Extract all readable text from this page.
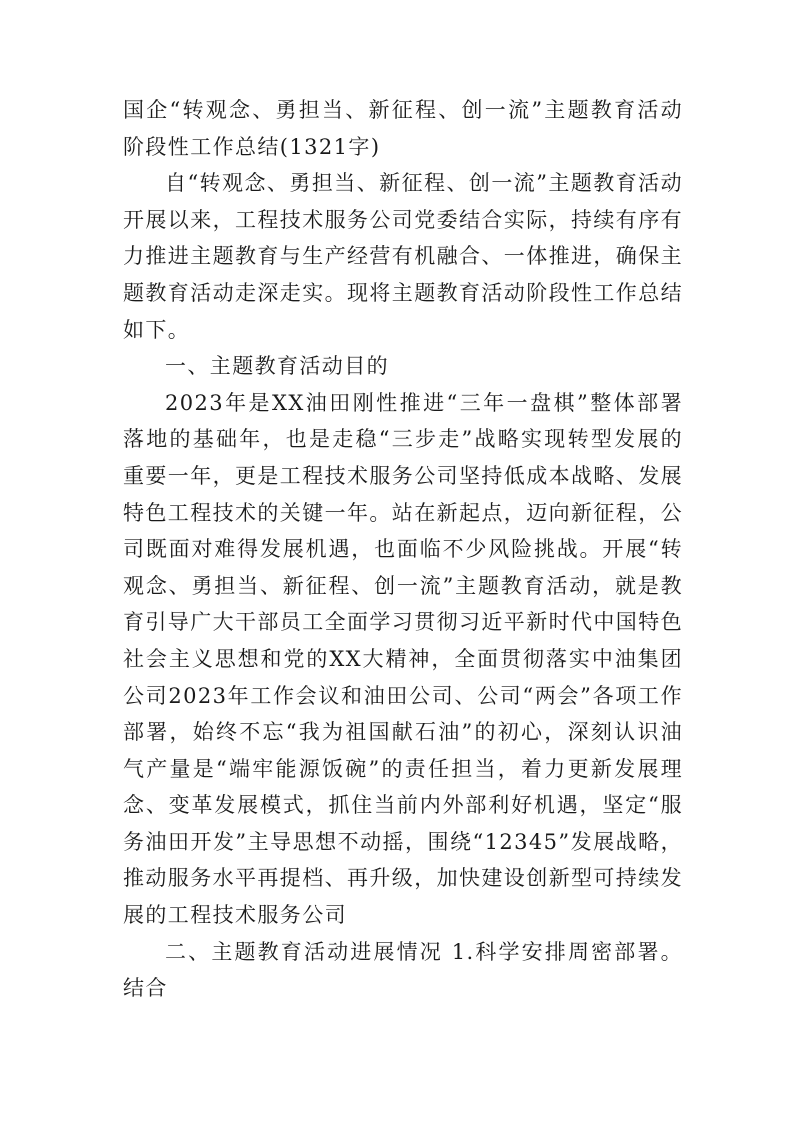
国企“转观念、勇担当、新征程、创一流”主题教育活动阶段性工作总结(1321字)

自“转观念、勇担当、新征程、创一流”主题教育活动开展以来，工程技术服务公司党委结合实际，持续有序有力推进主题教育与生产经营有机融合、一体推进，确保主题教育活动走深走实。现将主题教育活动阶段性工作总结如下。

一、主题教育活动目的

2023年是XX油田刚性推进“三年一盘棋”整体部署落地的基础年，也是走稳“三步走”战略实现转型发展的重要一年，更是工程技术服务公司坚持低成本战略、发展特色工程技术的关键一年。站在新起点，迈向新征程，公司既面对难得发展机遇，也面临不少风险挑战。开展“转观念、勇担当、新征程、创一流”主题教育活动，就是教育引导广大干部员工全面学习贯彻习近平新时代中国特色社会主义思想和党的XX大精神，全面贯彻落实中油集团公司2023年工作会议和油田公司、公司“两会”各项工作部署，始终不忘“我为祖国献石油”的初心，深刻认识油气产量是“端牢能源饭碗”的责任担当，着力更新发展理念、变革发展模式，抓住当前内外部利好机遇，坚定“服务油田开发”主导思想不动摇，围绕“12345”发展战略，推动服务水平再提档、再升级，加快建设创新型可持续发展的工程技术服务公司

二、主题教育活动进展情况 1.科学安排周密部署。结合
